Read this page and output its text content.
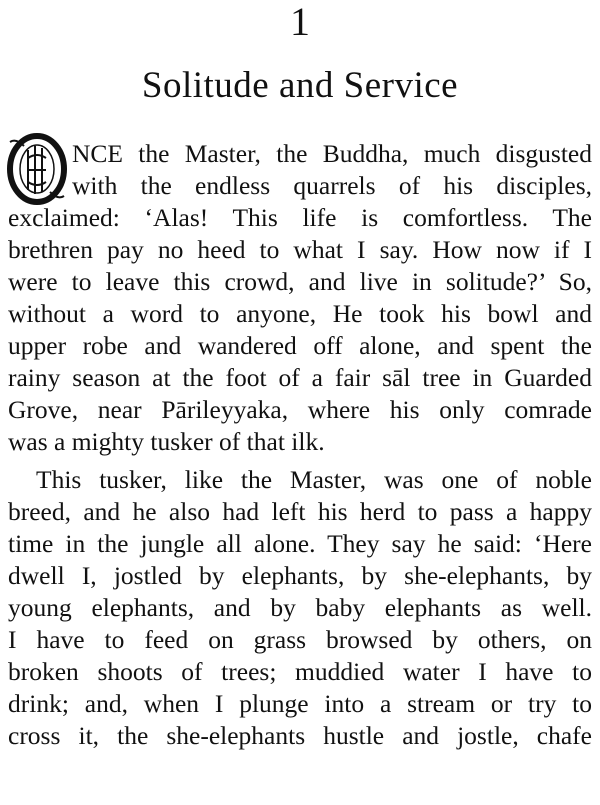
1
Solitude and Service
NCE the Master, the Buddha, much disgusted
with the endless quarrels of his disciples,
exclaimed: ‘Alas! This life is comfortless. The
brethren pay no heed to what I say. How now if I
were to leave this crowd, and live in solitude?’ So,
without a word to anyone, He took his bowl and
upper robe and wandered off alone, and spent the
rainy season at the foot of a fair sāl tree in Guarded
Grove, near Pārileyyaka, where his only comrade
was a mighty tusker of that ilk.
This tusker, like the Master, was one of noble
breed, and he also had left his herd to pass a happy
time in the jungle all alone. They say he said: ‘Here
dwell I, jostled by elephants, by she-elephants, by
young elephants, and by baby elephants as well.
I have to feed on grass browsed by others, on
broken shoots of trees; muddied water I have to
drink; and, when I plunge into a stream or try to
cross it, the she-elephants hustle and jostle, chafe
